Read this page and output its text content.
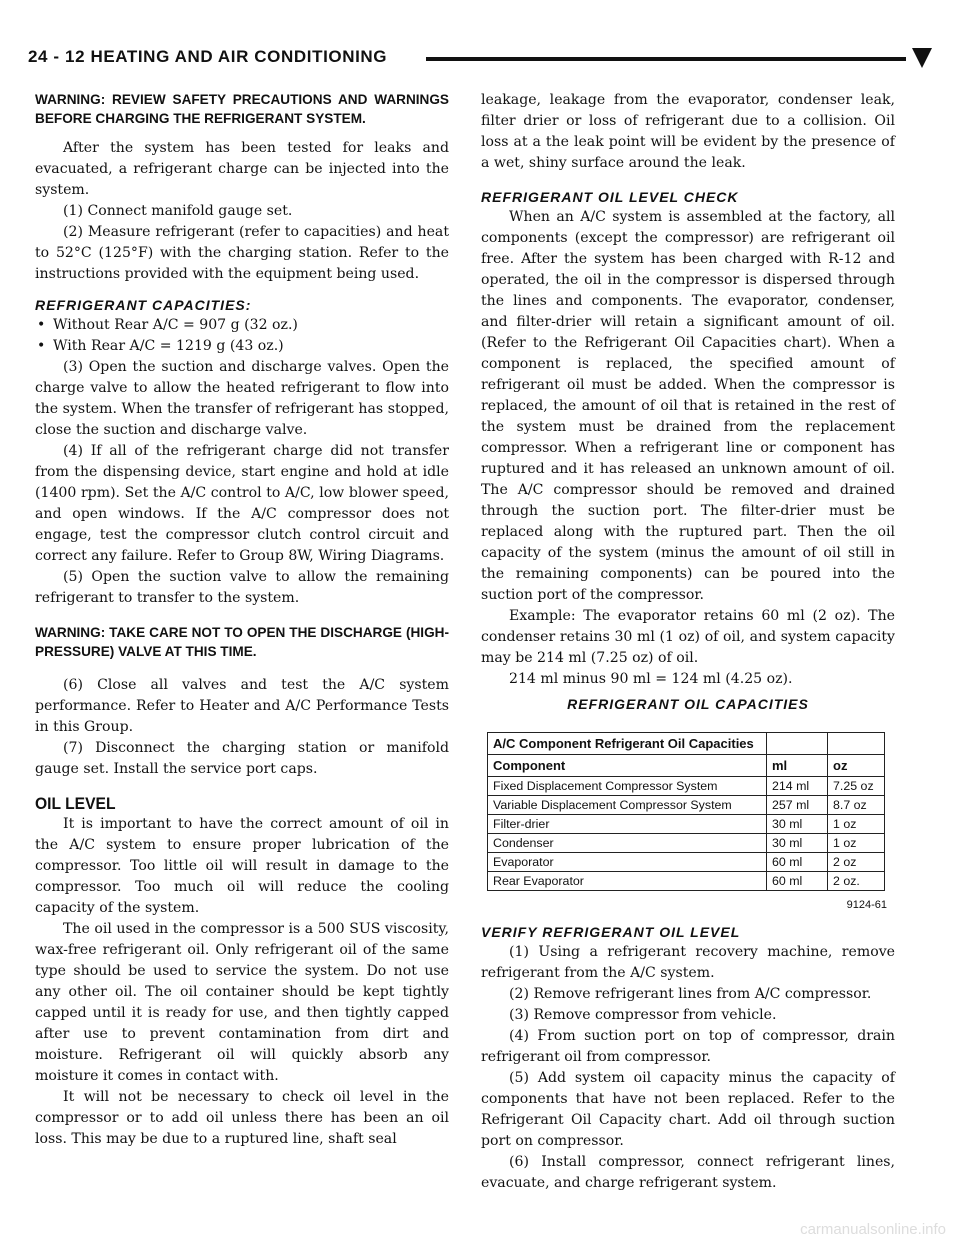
24 - 12 HEATING AND AIR CONDITIONING

WARNING: REVIEW SAFETY PRECAUTIONS AND WARNINGS BEFORE CHARGING THE REFRIGERANT SYSTEM.

After the system has been tested for leaks and evacuated, a refrigerant charge can be injected into the system.

(1) Connect manifold gauge set.

(2) Measure refrigerant (refer to capacities) and heat to 52°C (125°F) with the charging station. Refer to the instructions provided with the equipment being used.

REFRIGERANT CAPACITIES:

• Without Rear A/C = 907 g (32 oz.)

• With Rear A/C = 1219 g (43 oz.)

(3) Open the suction and discharge valves. Open the charge valve to allow the heated refrigerant to flow into the system. When the transfer of refrigerant has stopped, close the suction and discharge valve.

(4) If all of the refrigerant charge did not transfer from the dispensing device, start engine and hold at idle (1400 rpm). Set the A/C control to A/C, low blower speed, and open windows. If the A/C compressor does not engage, test the compressor clutch control circuit and correct any failure. Refer to Group 8W, Wiring Diagrams.

(5) Open the suction valve to allow the remaining refrigerant to transfer to the system.

WARNING: TAKE CARE NOT TO OPEN THE DISCHARGE (HIGH-PRESSURE) VALVE AT THIS TIME.

(6) Close all valves and test the A/C system performance. Refer to Heater and A/C Performance Tests in this Group.

(7) Disconnect the charging station or manifold gauge set. Install the service port caps.

OIL LEVEL

It is important to have the correct amount of oil in the A/C system to ensure proper lubrication of the compressor. Too little oil will result in damage to the compressor. Too much oil will reduce the cooling capacity of the system.

The oil used in the compressor is a 500 SUS viscosity, wax-free refrigerant oil. Only refrigerant oil of the same type should be used to service the system. Do not use any other oil. The oil container should be kept tightly capped until it is ready for use, and then tightly capped after use to prevent contamination from dirt and moisture. Refrigerant oil will quickly absorb any moisture it comes in contact with.

It will not be necessary to check oil level in the compressor or to add oil unless there has been an oil loss. This may be due to a ruptured line, shaft seal

leakage, leakage from the evaporator, condenser leak, filter drier or loss of refrigerant due to a collision. Oil loss at a the leak point will be evident by the presence of a wet, shiny surface around the leak.

REFRIGERANT OIL LEVEL CHECK

When an A/C system is assembled at the factory, all components (except the compressor) are refrigerant oil free. After the system has been charged with R-12 and operated, the oil in the compressor is dispersed through the lines and components. The evaporator, condenser, and filter-drier will retain a significant amount of oil. (Refer to the Refrigerant Oil Capacities chart). When a component is replaced, the specified amount of refrigerant oil must be added. When the compressor is replaced, the amount of oil that is retained in the rest of the system must be drained from the replacement compressor. When a refrigerant line or component has ruptured and it has released an unknown amount of oil. The A/C compressor should be removed and drained through the suction port. The filter-drier must be replaced along with the ruptured part. Then the oil capacity of the system (minus the amount of oil still in the remaining components) can be poured into the suction port of the compressor.

Example: The evaporator retains 60 ml (2 oz). The condenser retains 30 ml (1 oz) of oil, and system capacity may be 214 ml (7.25 oz) of oil.

214 ml minus 90 ml = 124 ml (4.25 oz).

REFRIGERANT OIL CAPACITIES

A/C Component Refrigerant Oil Capacities		
Component	ml	oz
Fixed Displacement Compressor System	214 ml	7.25 oz
Variable Displacement Compressor System	257 ml	8.7 oz
Filter-drier	30 ml	1 oz
Condenser	30 ml	1 oz
Evaporator	60 ml	2 oz
Rear Evaporator	60 ml	2 oz.
9124-61

VERIFY REFRIGERANT OIL LEVEL

(1) Using a refrigerant recovery machine, remove refrigerant from the A/C system.

(2) Remove refrigerant lines from A/C compressor.

(3) Remove compressor from vehicle.

(4) From suction port on top of compressor, drain refrigerant oil from compressor.

(5) Add system oil capacity minus the capacity of components that have not been replaced. Refer to the Refrigerant Oil Capacity chart. Add oil through suction port on compressor.

(6) Install compressor, connect refrigerant lines, evacuate, and charge refrigerant system.

carmanualsonline.info
